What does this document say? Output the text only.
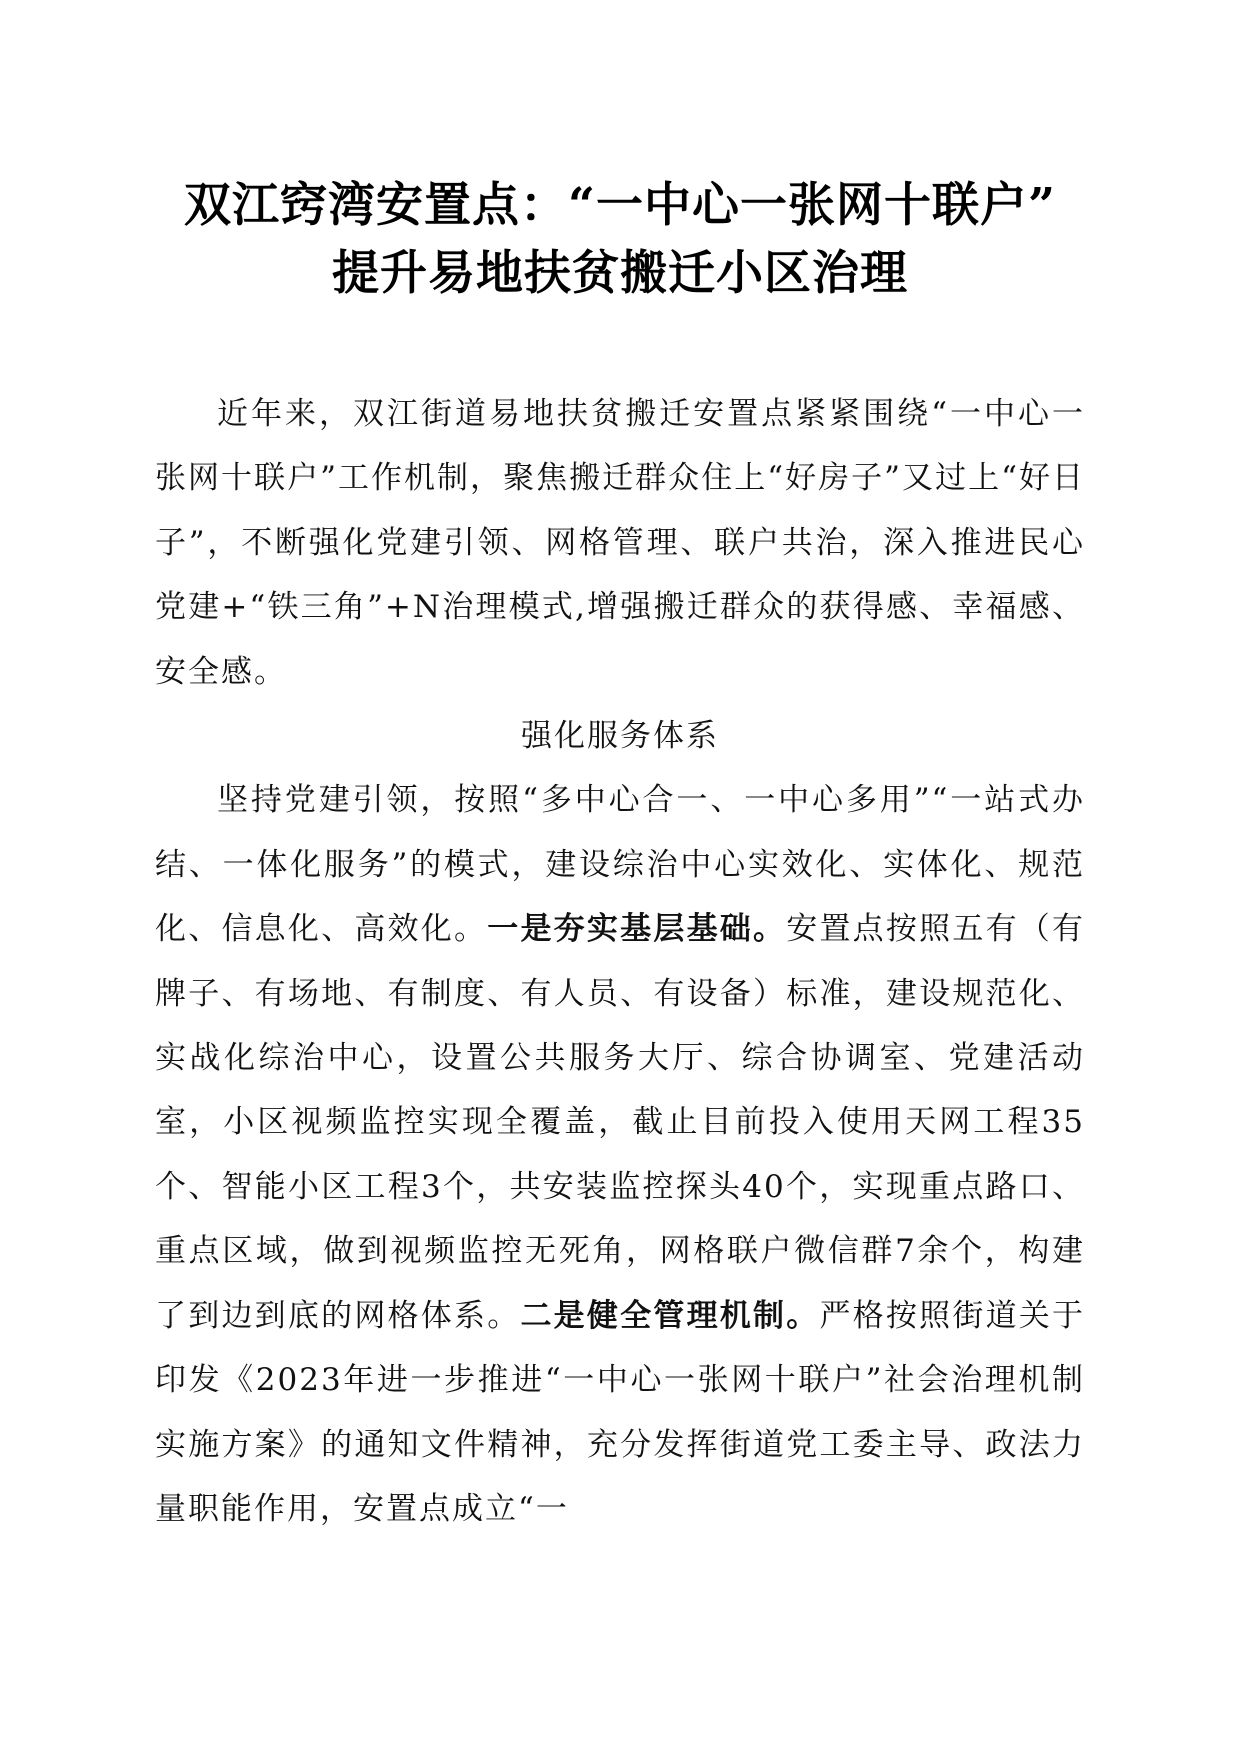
双江窍湾安置点：“一中心一张网十联户”
提升易地扶贫搬迁小区治理

近年来，双江街道易地扶贫搬迁安置点紧紧围绕“一中心一张网十联户”工作机制，聚焦搬迁群众住上“好房子”又过上“好日子”，不断强化党建引领、网格管理、联户共治，深入推进民心党建+“铁三角”+N治理模式,增强搬迁群众的获得感、幸福感、安全感。

强化服务体系

坚持党建引领，按照“多中心合一、一中心多用”“一站式办结、一体化服务”的模式，建设综治中心实效化、实体化、规范化、信息化、高效化。一是夯实基层基础。安置点按照五有（有牌子、有场地、有制度、有人员、有设备）标准，建设规范化、实战化综治中心，设置公共服务大厅、综合协调室、党建活动室，小区视频监控实现全覆盖，截止目前投入使用天网工程35个、智能小区工程3个，共安装监控探头40个，实现重点路口、重点区域，做到视频监控无死角，网格联户微信群7余个，构建了到边到底的网格体系。二是健全管理机制。严格按照街道关于印发《2023年进一步推进“一中心一张网十联户”社会治理机制实施方案》的通知文件精神，充分发挥街道党工委主导、政法力量职能作用，安置点成立“一
